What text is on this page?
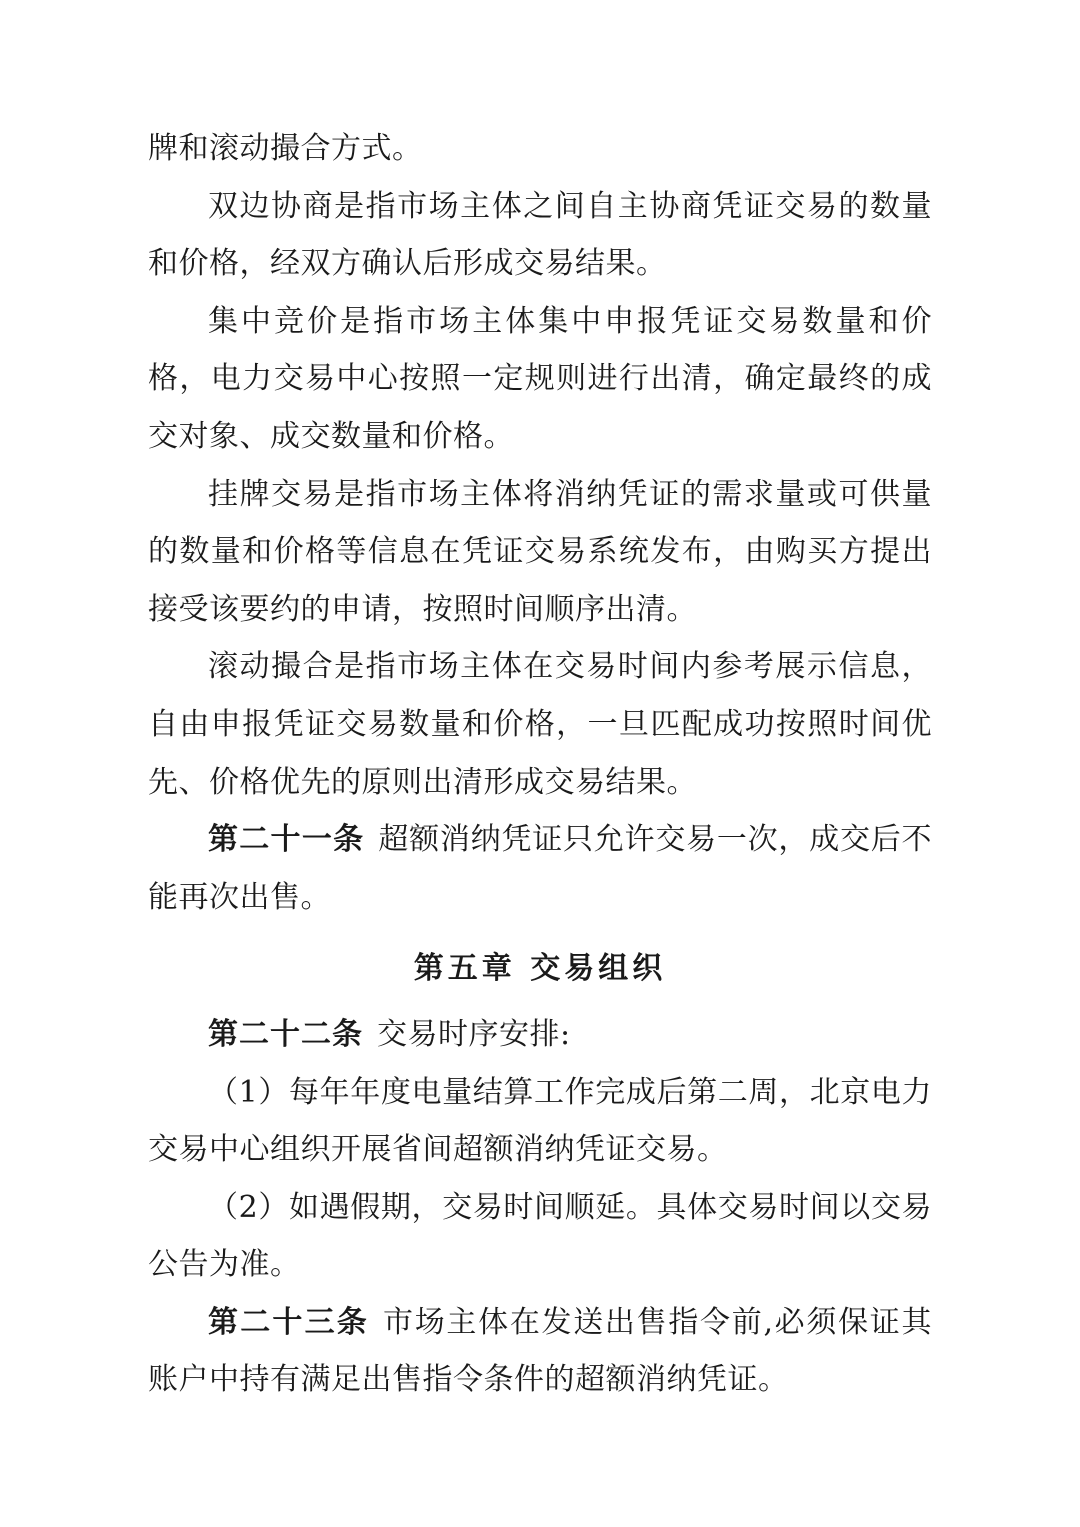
牌和滚动撮合方式。

双边协商是指市场主体之间自主协商凭证交易的数量和价格，经双方确认后形成交易结果。

集中竞价是指市场主体集中申报凭证交易数量和价格，电力交易中心按照一定规则进行出清，确定最终的成交对象、成交数量和价格。

挂牌交易是指市场主体将消纳凭证的需求量或可供量的数量和价格等信息在凭证交易系统发布，由购买方提出接受该要约的申请，按照时间顺序出清。

滚动撮合是指市场主体在交易时间内参考展示信息，自由申报凭证交易数量和价格，一旦匹配成功按照时间优先、价格优先的原则出清形成交易结果。

第二十一条 超额消纳凭证只允许交易一次，成交后不能再次出售。

第五章 交易组织

第二十二条 交易时序安排:

（1）每年年度电量结算工作完成后第二周，北京电力交易中心组织开展省间超额消纳凭证交易。

（2）如遇假期，交易时间顺延。具体交易时间以交易公告为准。

第二十三条 市场主体在发送出售指令前,必须保证其账户中持有满足出售指令条件的超额消纳凭证。
